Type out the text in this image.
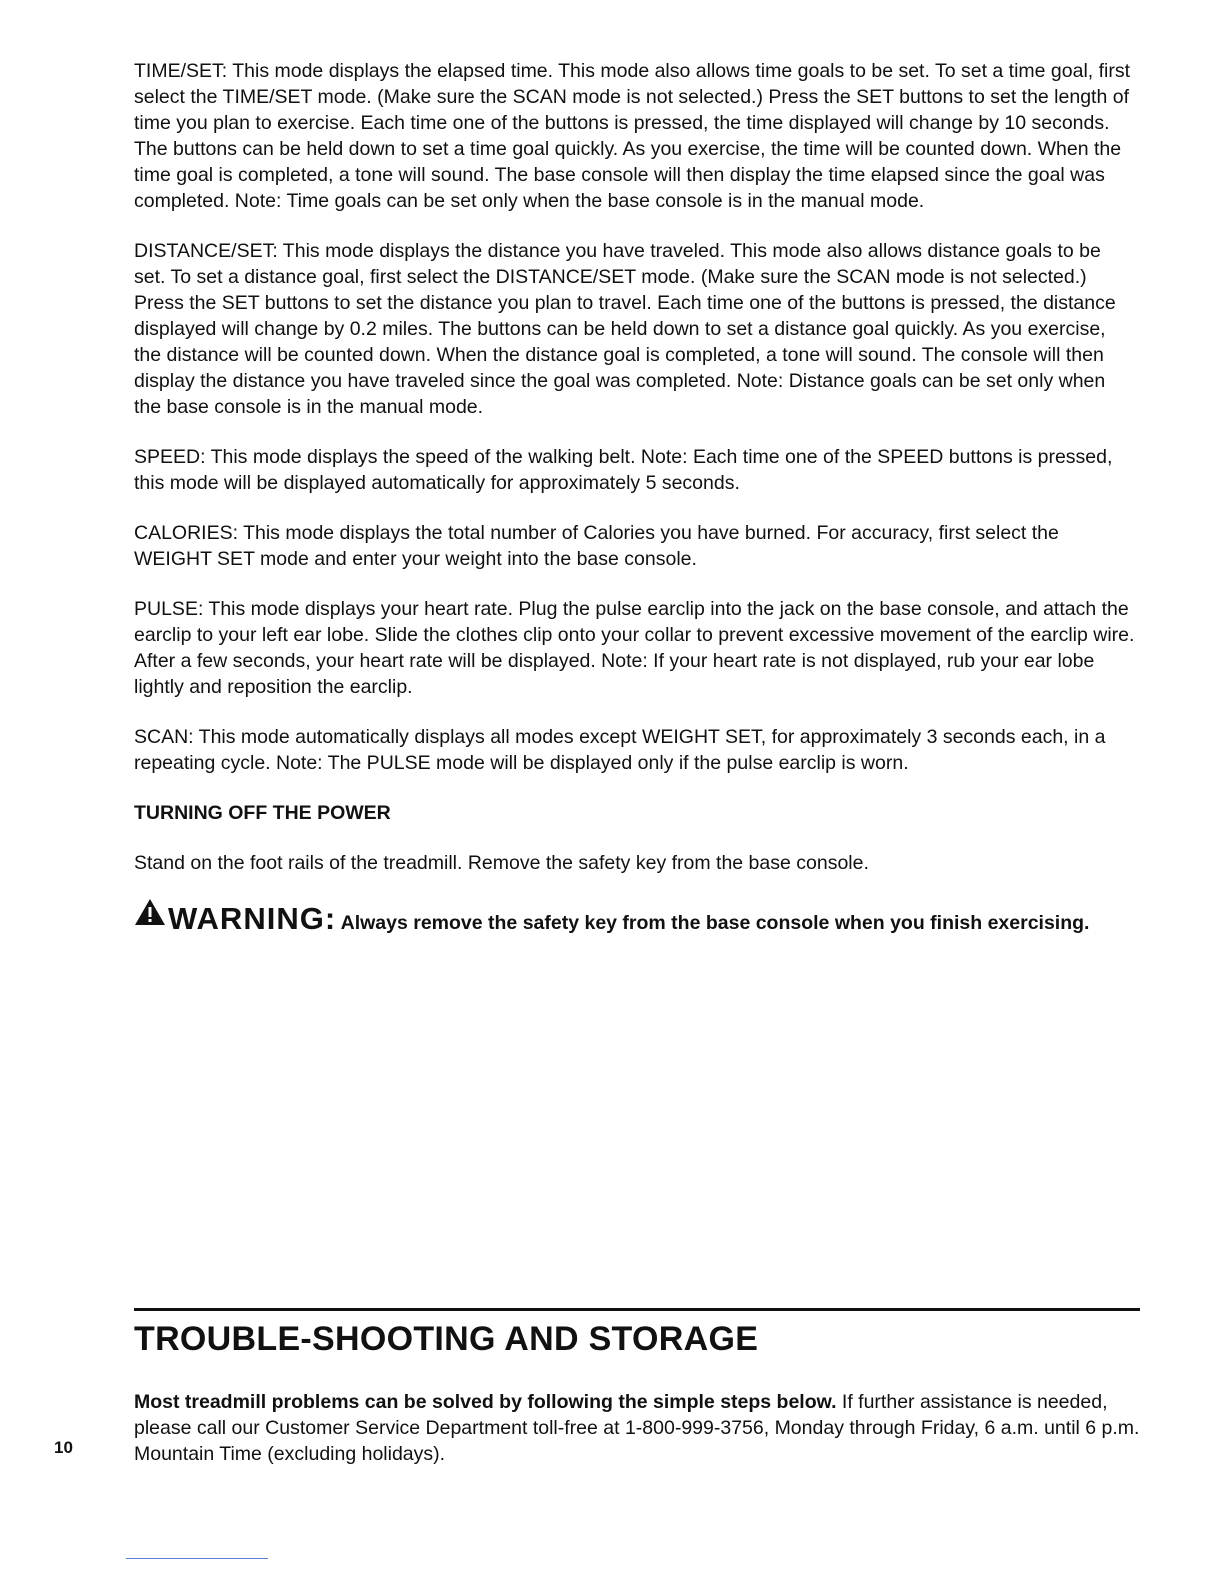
TIME/SET: This mode displays the elapsed time. This mode also allows time goals to be set. To set a time goal, first select the TIME/SET mode. (Make sure the SCAN mode is not selected.) Press the SET buttons to set the length of time you plan to exercise. Each time one of the buttons is pressed, the time displayed will change by 10 seconds. The buttons can be held down to set a time goal quickly. As you exercise, the time will be counted down. When the time goal is completed, a tone will sound. The base console will then display the time elapsed since the goal was completed. Note: Time goals can be set only when the base console is in the manual mode.

DISTANCE/SET: This mode displays the distance you have traveled. This mode also allows distance goals to be set. To set a distance goal, first select the DISTANCE/SET mode. (Make sure the SCAN mode is not selected.) Press the SET buttons to set the distance you plan to travel. Each time one of the buttons is pressed, the distance displayed will change by 0.2 miles. The buttons can be held down to set a distance goal quickly. As you exercise, the distance will be counted down. When the distance goal is completed, a tone will sound. The console will then display the distance you have traveled since the goal was completed. Note: Distance goals can be set only when the base console is in the manual mode.

SPEED: This mode displays the speed of the walking belt. Note: Each time one of the SPEED buttons is pressed, this mode will be displayed automatically for approximately 5 seconds.

CALORIES: This mode displays the total number of Calories you have burned. For accuracy, first select the WEIGHT SET mode and enter your weight into the base console.

PULSE: This mode displays your heart rate. Plug the pulse earclip into the jack on the base console, and attach the earclip to your left ear lobe. Slide the clothes clip onto your collar to prevent excessive movement of the earclip wire. After a few seconds, your heart rate will be displayed. Note: If your heart rate is not displayed, rub your ear lobe lightly and reposition the earclip.

SCAN: This mode automatically displays all modes except WEIGHT SET, for approximately 3 seconds each, in a repeating cycle. Note: The PULSE mode will be displayed only if the pulse earclip is worn.

TURNING OFF THE POWER

Stand on the foot rails of the treadmill. Remove the safety key from the base console.

WARNING: Always remove the safety key from the base console when you finish exercising.
TROUBLE-SHOOTING AND STORAGE

Most treadmill problems can be solved by following the simple steps below. If further assistance is needed, please call our Customer Service Department toll-free at 1-800-999-3756, Monday through Friday, 6 a.m. until 6 p.m. Mountain Time (excluding holidays).

10
